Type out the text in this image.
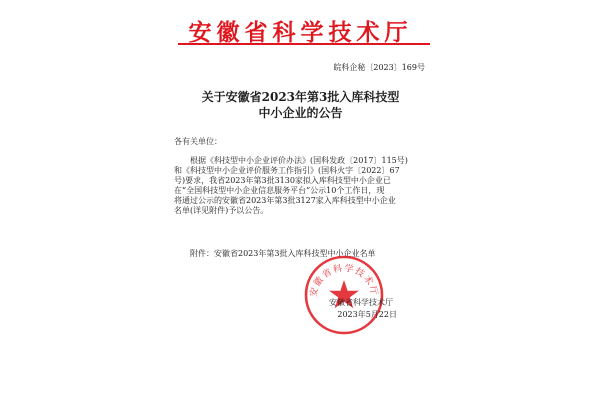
安徽省科学技术厅
皖科企秘〔2023〕169号
关于安徽省2023年第3批入库科技型
中小企业的公告
各有关单位：
根据《科技型中小企业评价办法》(国科发政〔2017〕115号)
和《科技型中小企业评价服务工作指引》(国科火字〔2022〕67
号)要求，我省2023年第3批3130家拟入库科技型中小企业已
在“全国科技型中小企业信息服务平台”公示10个工作日，现
将通过公示的安徽省2023年第3批3127家入库科技型中小企业
名单(详见附件)予以公告。
附件：安徽省2023年第3批入库科技型中小企业名单
安徽省科学技术厅
安徽省科学技术厅
2023年5月22日
